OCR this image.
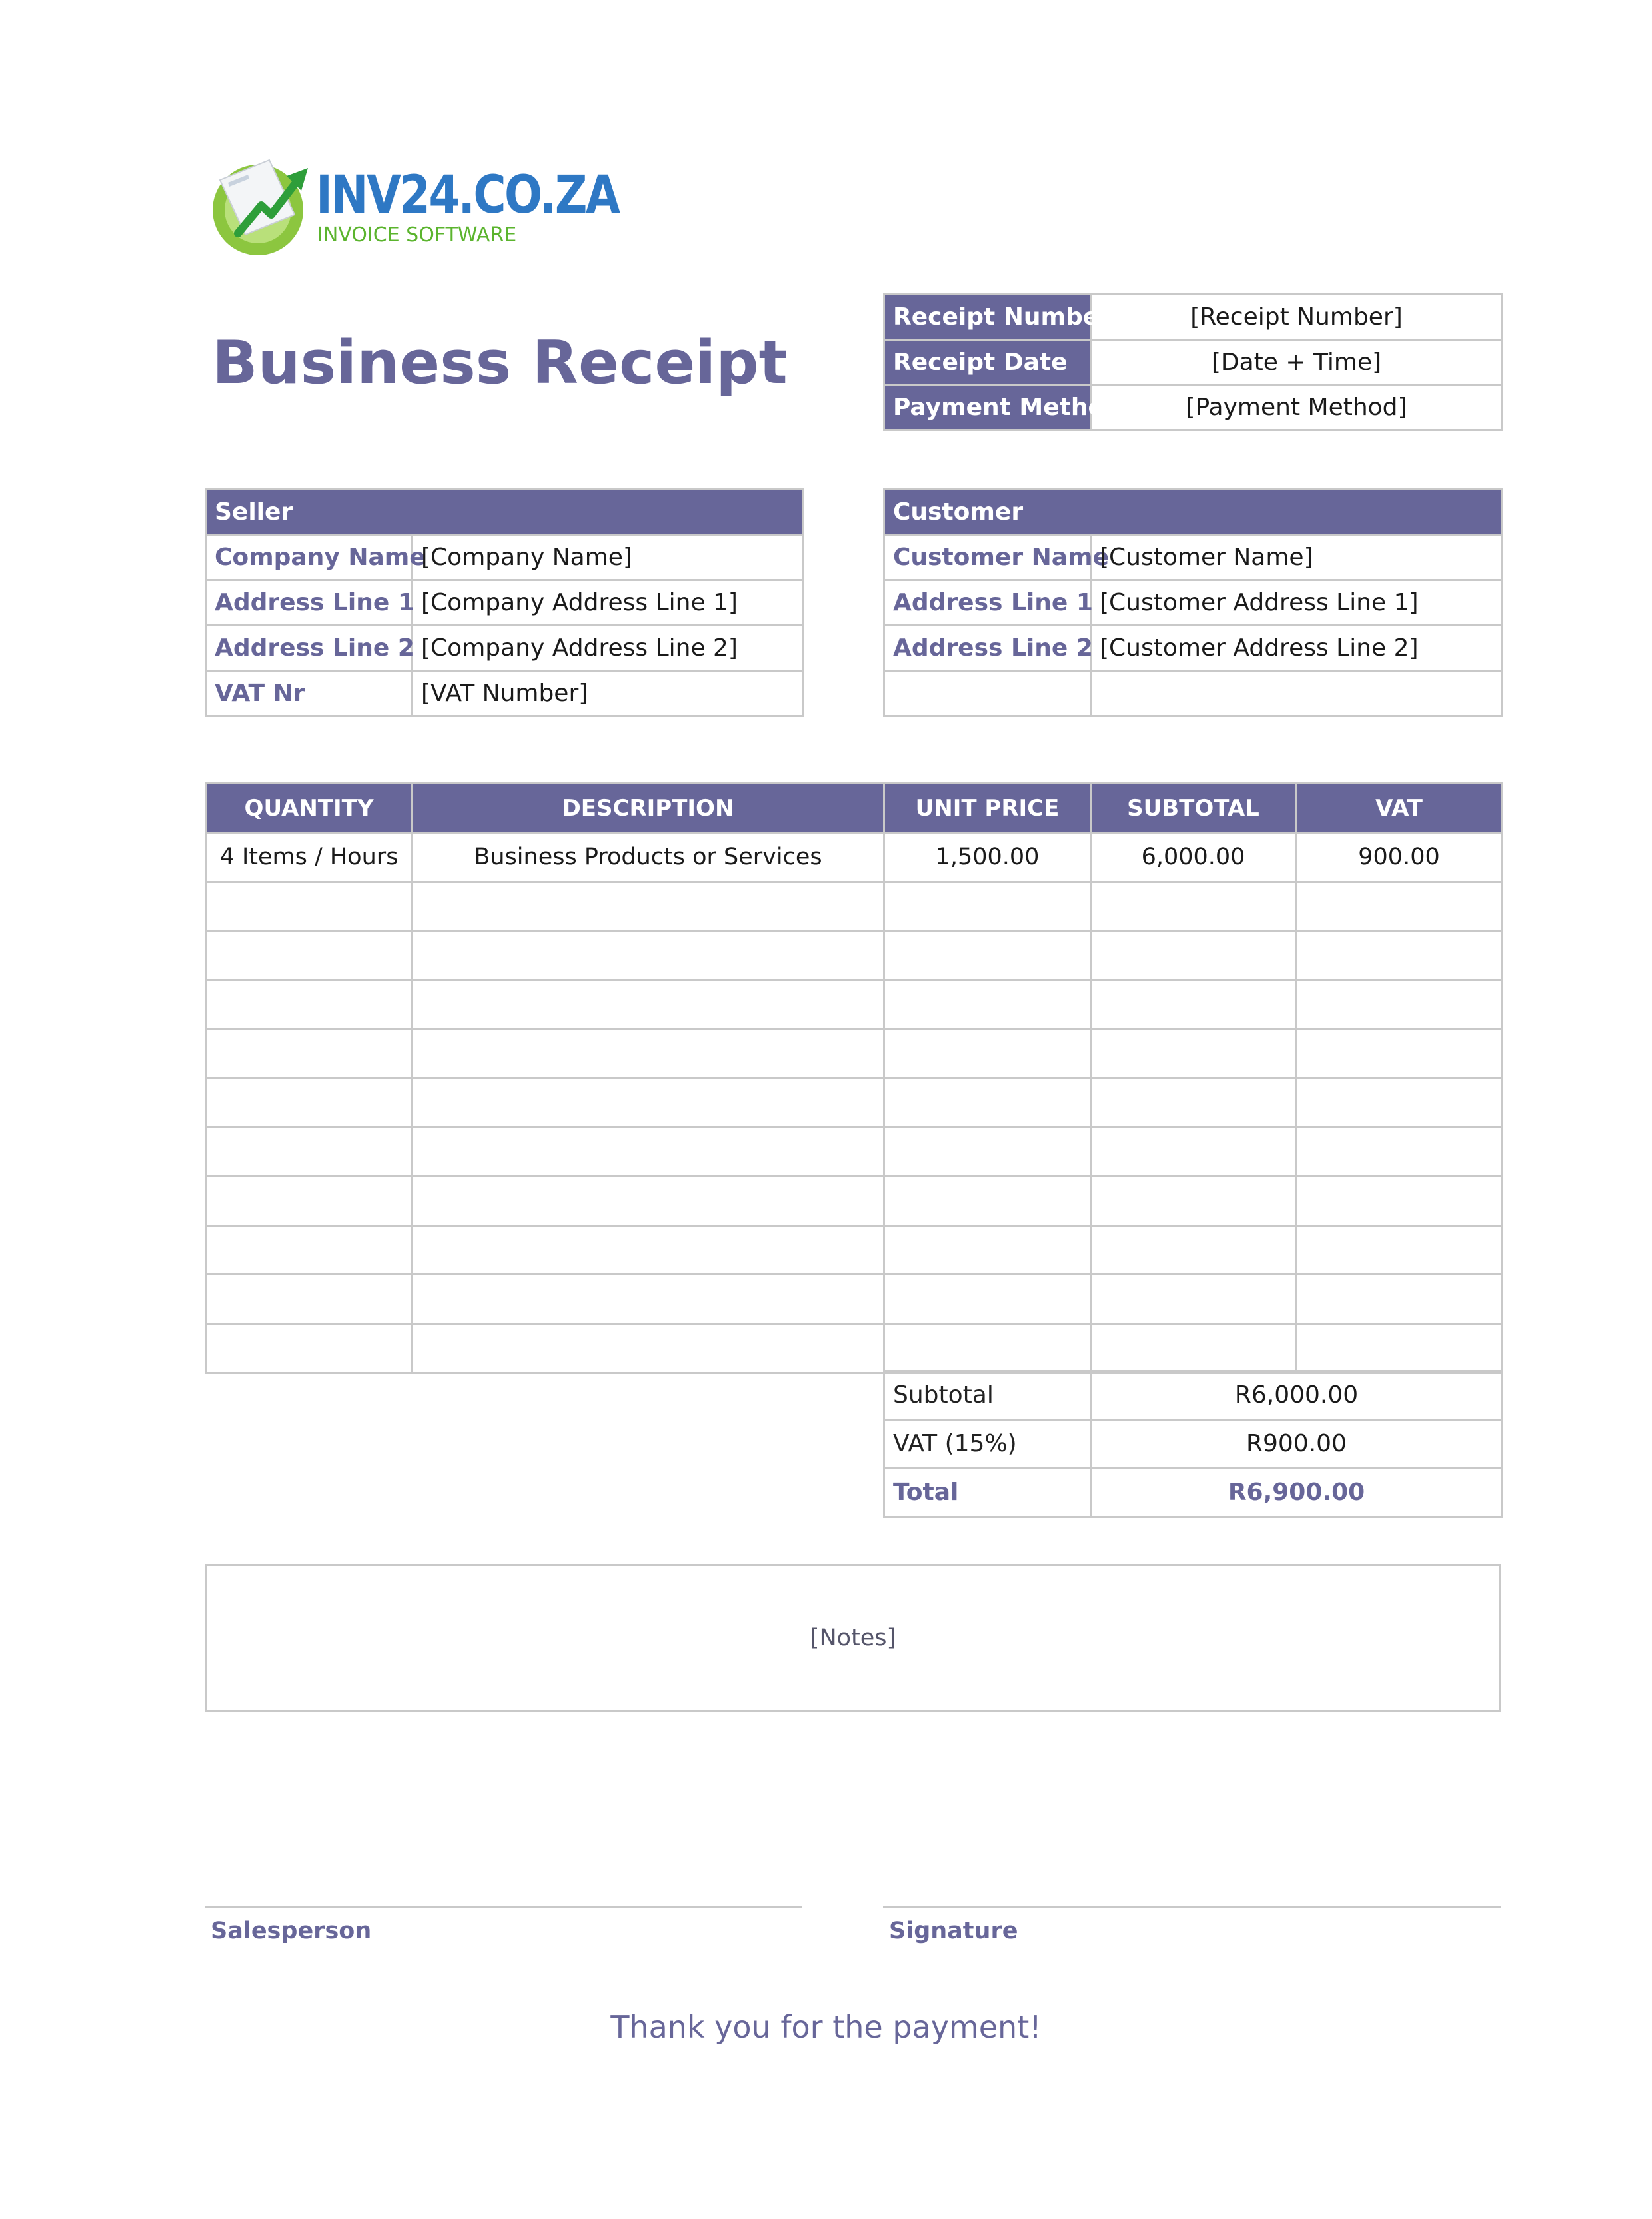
INV24.CO.ZA
INVOICE SOFTWARE
Business Receipt
Receipt Number	[Receipt Number]
Receipt Date	[Date + Time]
Payment Method	[Payment Method]
Seller	
Company Name	[Company Name]
Address Line 1	[Company Address Line 1]
Address Line 2	[Company Address Line 2]
VAT Nr	[VAT Number]
Customer	
Customer Name	[Customer Name]
Address Line 1	[Customer Address Line 1]
Address Line 2	[Customer Address Line 2]

QUANTITY	DESCRIPTION	UNIT PRICE	SUBTOTAL	VAT
4 Items / Hours	Business Products or Services	1,500.00	6,000.00	900.00

Subtotal	R6,000.00
VAT (15%)	R900.00
Total	R6,900.00
[Notes]
Salesperson	Signature
Thank you for the payment!
